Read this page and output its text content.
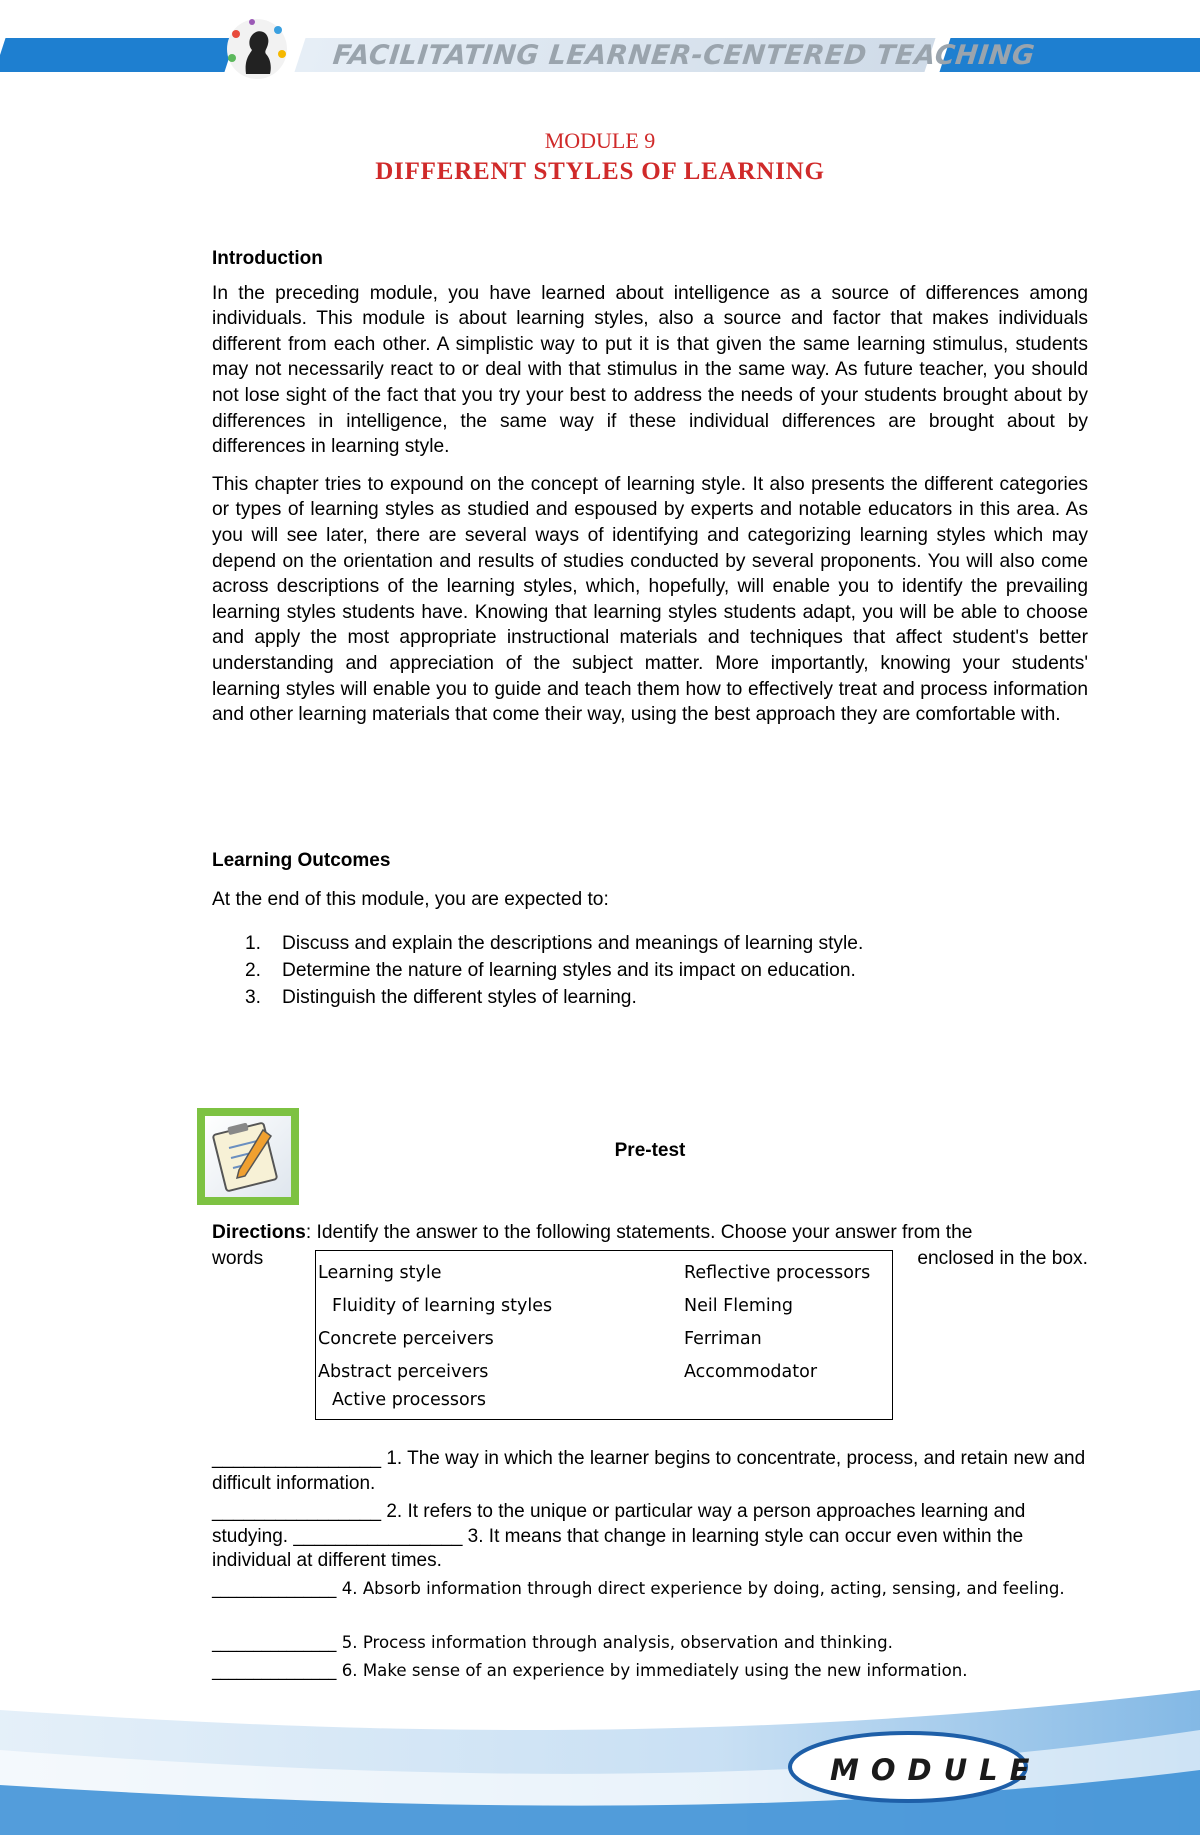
FACILITATING LEARNER-CENTERED TEACHING
MODULE 9
DIFFERENT STYLES OF LEARNING
Introduction

In the preceding module, you have learned about intelligence as a source of differences among individuals. This module is about learning styles, also a source and factor that makes individuals different from each other. A simplistic way to put it is that given the same learning stimulus, students may not necessarily react to or deal with that stimulus in the same way. As future teacher, you should not lose sight of the fact that you try your best to address the needs of your students brought about by differences in intelligence, the same way if these individual differences are brought about by differences in learning style.

This chapter tries to expound on the concept of learning style. It also presents the different categories or types of learning styles as studied and espoused by experts and notable educators in this area. As you will see later, there are several ways of identifying and categorizing learning styles which may depend on the orientation and results of studies conducted by several proponents. You will also come across descriptions of the learning styles, which, hopefully, will enable you to identify the prevailing learning styles students have. Knowing that learning styles students adapt, you will be able to choose and apply the most appropriate instructional materials and techniques that affect student's better understanding and appreciation of the subject matter. More importantly, knowing your students' learning styles will enable you to guide and teach them how to effectively treat and process information and other learning materials that come their way, using the best approach they are comfortable with.

Learning Outcomes
At the end of this module, you are expected to:
1. Discuss and explain the descriptions and meanings of learning style.
2. Determine the nature of learning styles and its impact on education.
3. Distinguish the different styles of learning.
Pre-test
Directions: Identify the answer to the following statements. Choose your answer from the
words	enclosed in the box.
Learning style
Fluidity of learning styles
Concrete perceivers
Abstract perceivers
Active processors
Reflective processors
Neil Fleming
Ferriman
Accommodator
________________ 1. The way in which the learner begins to concentrate, process, and retain new and difficult information.
________________ 2. It refers to the unique or particular way a person approaches learning and studying. ________________ 3. It means that change in learning style can occur even within the individual at different times.
_______________ 4. Absorb information through direct experience by doing, acting, sensing, and feeling.
_______________ 5. Process information through analysis, observation and thinking.
_______________ 6. Make sense of an experience by immediately using the new information.
MODULE
